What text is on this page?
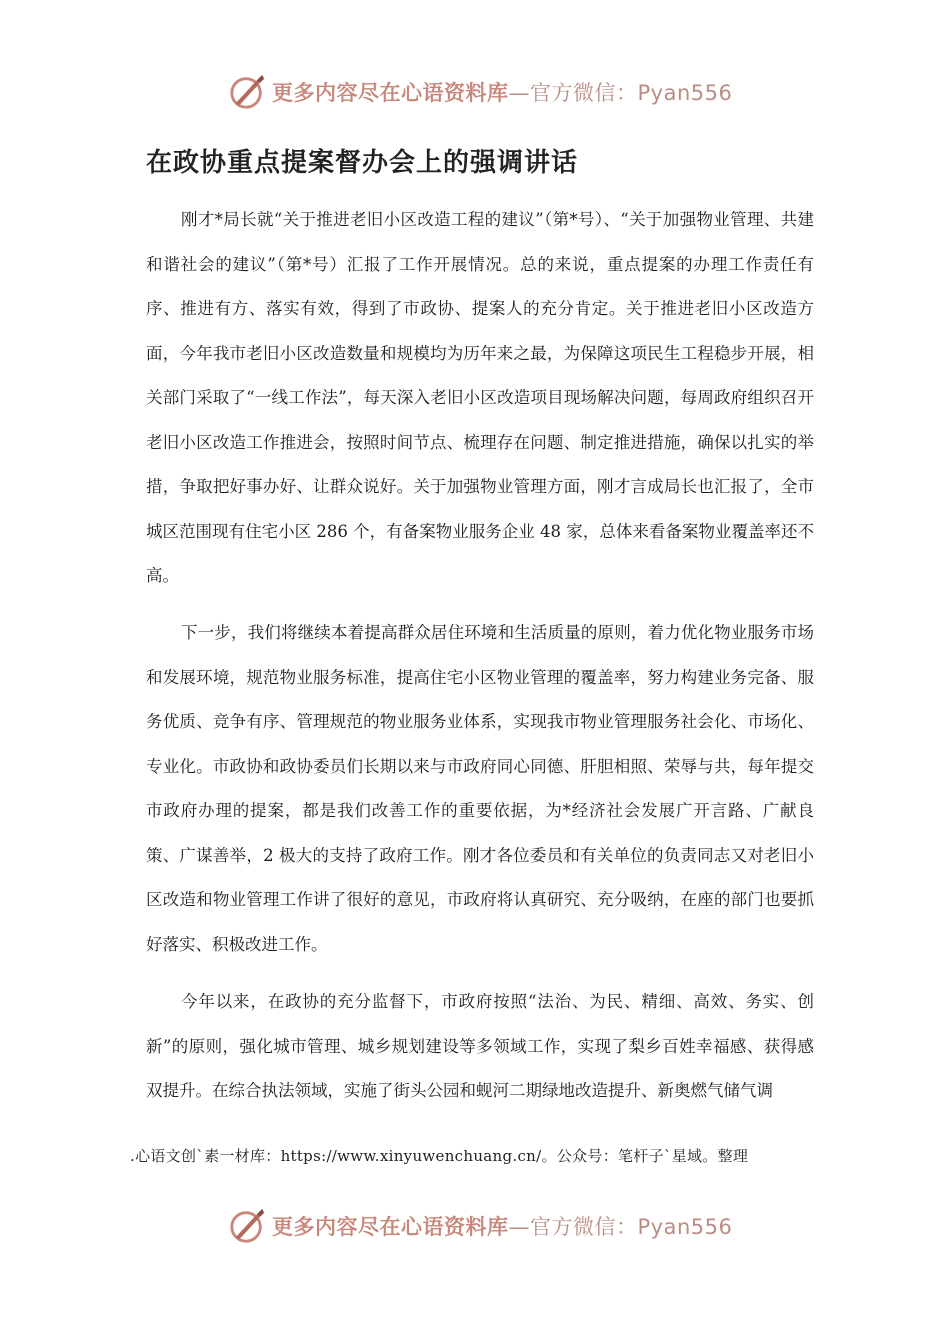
更多内容尽在心语资料库—官方微信：Pyan556
在政协重点提案督办会上的强调讲话
刚才*局长就“关于推进老旧小区改造工程的建议”（第*号）、“关于加强物业管理、共建和谐社会的建议”（第*号）汇报了工作开展情况。总的来说，重点提案的办理工作责任有序、推进有方、落实有效，得到了市政协、提案人的充分肯定。关于推进老旧小区改造方面，今年我市老旧小区改造数量和规模均为历年来之最，为保障这项民生工程稳步开展，相关部门采取了“一线工作法”，每天深入老旧小区改造项目现场解决问题，每周政府组织召开老旧小区改造工作推进会，按照时间节点、梳理存在问题、制定推进措施，确保以扎实的举措，争取把好事办好、让群众说好。关于加强物业管理方面，刚才言成局长也汇报了，全市城区范围现有住宅小区 286 个，有备案物业服务企业 48 家，总体来看备案物业覆盖率还不高。
下一步，我们将继续本着提高群众居住环境和生活质量的原则，着力优化物业服务市场和发展环境，规范物业服务标准，提高住宅小区物业管理的覆盖率，努力构建业务完备、服务优质、竞争有序、管理规范的物业服务业体系，实现我市物业管理服务社会化、市场化、专业化。市政协和政协委员们长期以来与市政府同心同德、肝胆相照、荣辱与共，每年提交市政府办理的提案，都是我们改善工作的重要依据，为*经济社会发展广开言路、广献良策、广谋善举，2 极大的支持了政府工作。刚才各位委员和有关单位的负责同志又对老旧小区改造和物业管理工作讲了很好的意见，市政府将认真研究、充分吸纳，在座的部门也要抓好落实、积极改进工作。
今年以来，在政协的充分监督下，市政府按照“法治、为民、精细、高效、务实、创新”的原则，强化城市管理、城乡规划建设等多领域工作，实现了梨乡百姓幸福感、获得感双提升。在综合执法领域，实施了街头公园和蚬河二期绿地改造提升、新奥燃气储气调
.心语文创`素一材库：https://www.xinyuwenchuang.cn/。公众号：笔杆子`星域。整理
更多内容尽在心语资料库—官方微信：Pyan556
